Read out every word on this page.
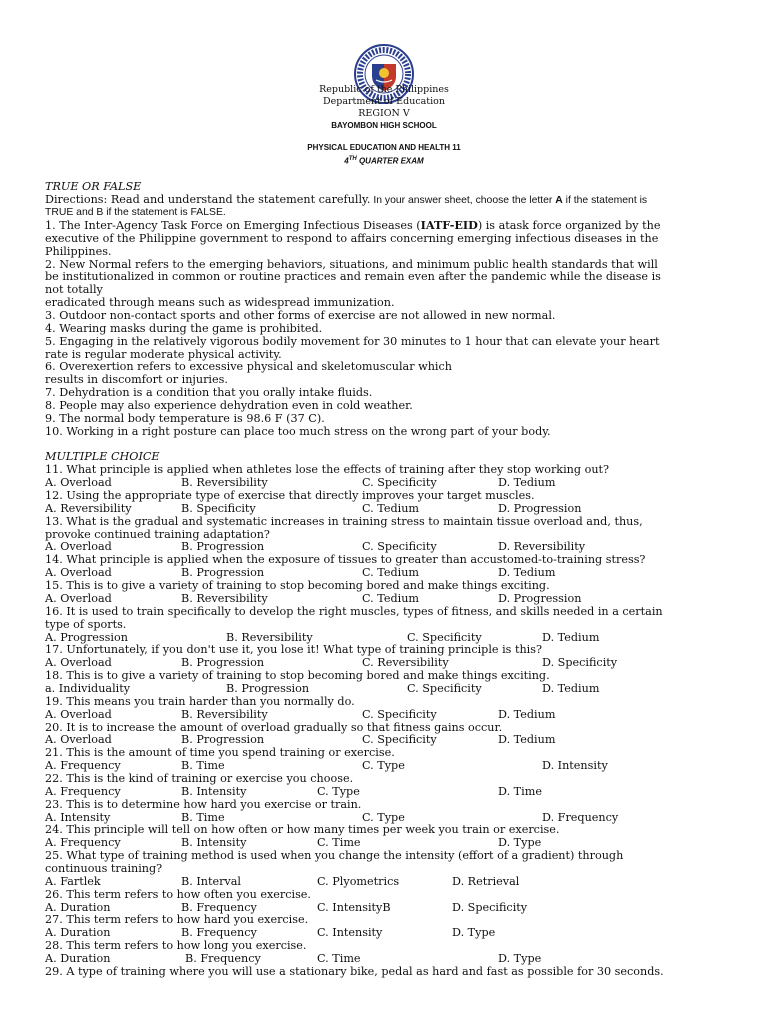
Republic of the Philippines
Department of Education
REGION V
BAYOMBON HIGH SCHOOL
PHYSICAL EDUCATION AND HEALTH 11
4TH QUARTER EXAM
TRUE OR FALSE
Directions: Read and understand the statement carefully. In your answer sheet, choose the letter A if the statement is
TRUE and B if the statement is FALSE.
1. The Inter-Agency Task Force on Emerging Infectious Diseases (IATF-EID) is atask force organized by the
executive of the Philippine government to respond to affairs concerning emerging infectious diseases in the
Philippines.
2. New Normal refers to the emerging behaviors, situations, and minimum public health standards that will
be institutionalized in common or routine practices and remain even after the pandemic while the disease is
not totally
eradicated through means such as widespread immunization.
3. Outdoor non-contact sports and other forms of exercise are not allowed in new normal.
4. Wearing masks during the game is prohibited.
5. Engaging in the relatively vigorous bodily movement for 30 minutes to 1 hour that can elevate your heart
rate is regular moderate physical activity.
6. Overexertion refers to excessive physical and skeletomuscular which
results in discomfort or injuries.
7. Dehydration is a condition that you orally intake fluids.
8. People may also experience dehydration even in cold weather.
9. The normal body temperature is 98.6 F (37 C).
10. Working in a right posture can place too much stress on the wrong part of your body.
MULTIPLE CHOICE
11. What principle is applied when athletes lose the effects of training after they stop working out?
A. Overload	B. Reversibility	C. Specificity	D. Tedium
12. Using the appropriate type of exercise that directly improves your target muscles.
A. Reversibility	B. Specificity	C. Tedium	D. Progression
13. What is the gradual and systematic increases in training stress to maintain tissue overload and, thus,
provoke continued training adaptation?
A. Overload	B. Progression	C. Specificity	D. Reversibility
14. What principle is applied when the exposure of tissues to greater than accustomed-to-training stress?
A. Overload	B. Progression	C. Tedium	D. Tedium
15. This is to give a variety of training to stop becoming bored and make things exciting.
A. Overload	B. Reversibility	C. Tedium	D. Progression
16. It is used to train specifically to develop the right muscles, types of fitness, and skills needed in a certain
type of sports.
A. Progression	B. Reversibility	C. Specificity	D. Tedium
17. Unfortunately, if you don't use it, you lose it! What type of training principle is this?
A. Overload	B. Progression	C. Reversibility	D. Specificity
18. This is to give a variety of training to stop becoming bored and make things exciting.
a. Individuality	B. Progression	C. Specificity	D. Tedium
19. This means you train harder than you normally do.
A. Overload	B. Reversibility	C. Specificity	D. Tedium
20. It is to increase the amount of overload gradually so that fitness gains occur.
A. Overload	B. Progression	C. Specificity	D. Tedium
21. This is the amount of time you spend training or exercise.
A. Frequency	B. Time	C. Type	D. Intensity
22. This is the kind of training or exercise you choose.
A. Frequency	B. Intensity	C. Type	D. Time
23. This is to determine how hard you exercise or train.
A. Intensity	B. Time	C. Type	D. Frequency
24. This principle will tell on how often or how many times per week you train or exercise.
A. Frequency	B. Intensity	C. Time	D. Type
25. What type of training method is used when you change the intensity (effort of a gradient) through
continuous training?
A. Fartlek	B. Interval	C. Plyometrics	D. Retrieval
26. This term refers to how often you exercise.
A. Duration	B. Frequency	C. IntensityB	D. Specificity
27. This term refers to how hard you exercise.
A. Duration	B. Frequency	C. Intensity	D. Type
28. This term refers to how long you exercise.
A. Duration	B. Frequency	C. Time	D. Type
29. A type of training where you will use a stationary bike, pedal as hard and fast as possible for 30 seconds.
